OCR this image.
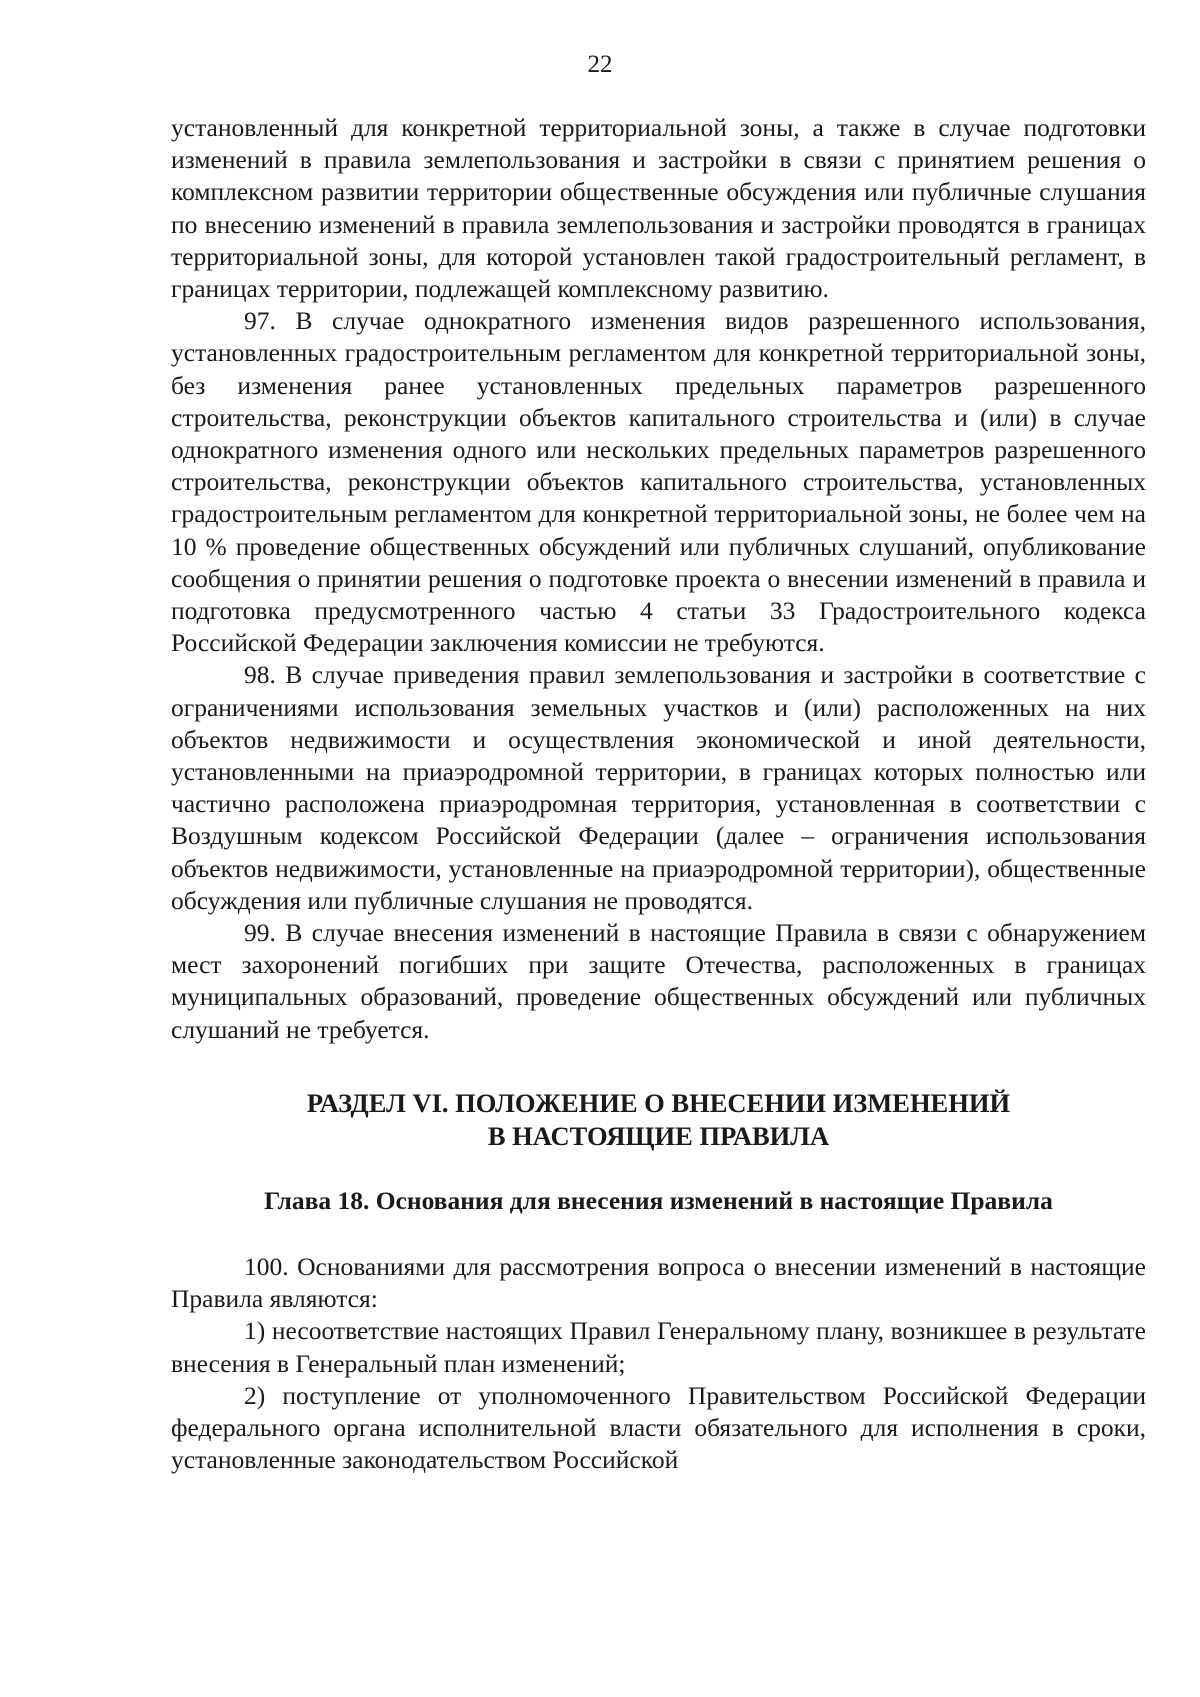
22

установленный для конкретной территориальной зоны, а также в случае подготовки изменений в правила землепользования и застройки в связи с принятием решения о комплексном развитии территории общественные обсуждения или публичные слушания по внесению изменений в правила землепользования и застройки проводятся в границах территориальной зоны, для которой установлен такой градостроительный регламент, в границах территории, подлежащей комплексному развитию.

97. В случае однократного изменения видов разрешенного использования, установленных градостроительным регламентом для конкретной территориальной зоны, без изменения ранее установленных предельных параметров разрешенного строительства, реконструкции объектов капитального строительства и (или) в случае однократного изменения одного или нескольких предельных параметров разрешенного строительства, реконструкции объектов капитального строительства, установленных градостроительным регламентом для конкретной территориальной зоны, не более чем на 10 % проведение общественных обсуждений или публичных слушаний, опубликование сообщения о принятии решения о подготовке проекта о внесении изменений в правила и подготовка предусмотренного частью 4 статьи 33 Градостроительного кодекса Российской Федерации заключения комиссии не требуются.

98. В случае приведения правил землепользования и застройки в соответствие с ограничениями использования земельных участков и (или) расположенных на них объектов недвижимости и осуществления экономической и иной деятельности, установленными на приаэродромной территории, в границах которых полностью или частично расположена приаэродромная территория, установленная в соответствии с Воздушным кодексом Российской Федерации (далее – ограничения использования объектов недвижимости, установленные на приаэродромной территории), общественные обсуждения или публичные слушания не проводятся.

99. В случае внесения изменений в настоящие Правила в связи с обнаружением мест захоронений погибших при защите Отечества, расположенных в границах муниципальных образований, проведение общественных обсуждений или публичных слушаний не требуется.

РАЗДЕЛ VI. ПОЛОЖЕНИЕ О ВНЕСЕНИИ ИЗМЕНЕНИЙ
В НАСТОЯЩИЕ ПРАВИЛА
Глава 18. Основания для внесения изменений в настоящие Правила

100. Основаниями для рассмотрения вопроса о внесении изменений в настоящие Правила являются:

1) несоответствие настоящих Правил Генеральному плану, возникшее в результате внесения в Генеральный план изменений;

2) поступление от уполномоченного Правительством Российской Федерации федерального органа исполнительной власти обязательного для исполнения в сроки, установленные законодательством Российской
